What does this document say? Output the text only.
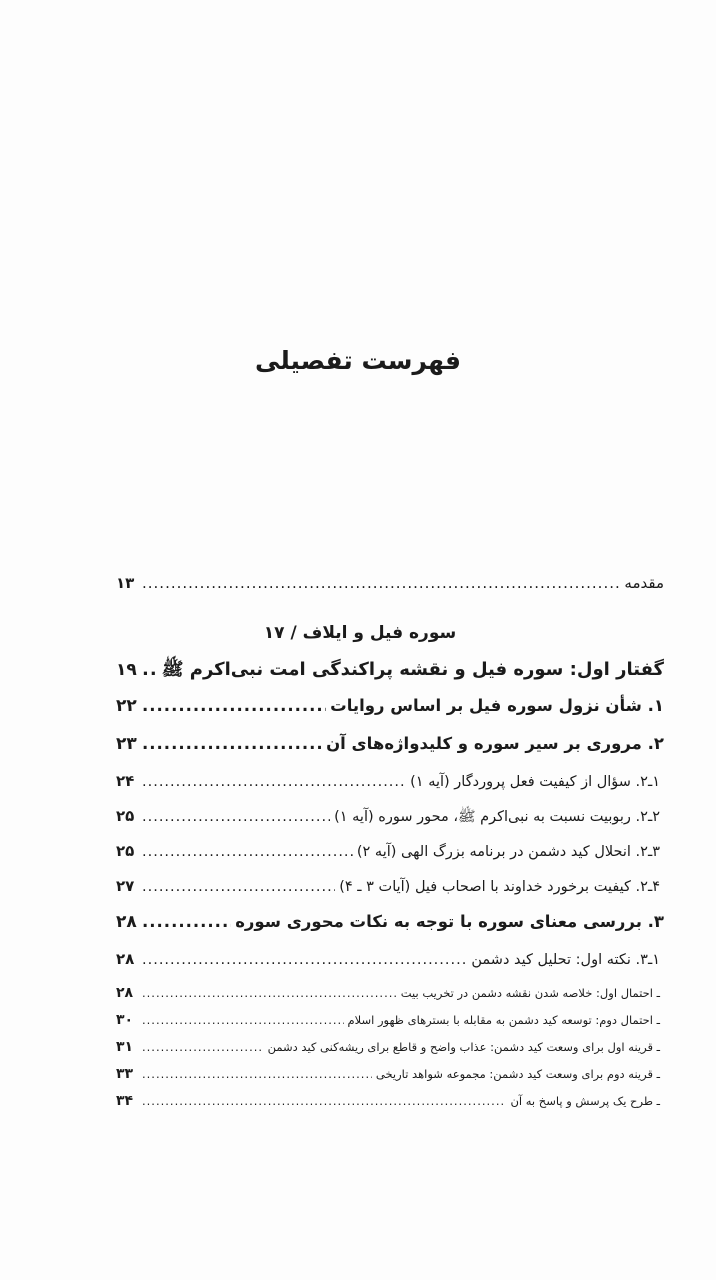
فهرست تفصیلی
مقدمه
.....
۱۳
سوره فیل و ایلاف / ۱۷
گفتار اول: سوره فیل و نقشه پراکندگی امت نبی‌اکرم ﷺ
.....
۱۹
۱. شأن نزول سوره فیل بر اساس روایات
.....
۲۲
۲. مروری بر سیر سوره و کلیدواژه‌های آن
.....
۲۳
۱ـ۲. سؤال از کیفیت فعل پروردگار (آیه ۱)
.....
۲۴
۲ـ۲. ربوبیت نسبت به نبی‌اکرم ﷺ، محور سوره (آیه ۱)
.....
۲۵
۳ـ۲. انحلال کید دشمن در برنامه بزرگ الهی (آیه ۲)
.....
۲۵
۴ـ۲. کیفیت برخورد خداوند با اصحاب فیل (آیات ۳ ـ ۴)
.....
۲۷
۳. بررسی معنای سوره با توجه به نکات محوری سوره
.....
۲۸
۱ـ۳. نکته اول: تحلیل کید دشمن
.....
۲۸
ـ احتمال اول: خلاصه شدن نقشه دشمن در تخریب بیت
.....
۲۸
ـ احتمال دوم: توسعه کید دشمن به مقابله با بسترهای ظهور اسلام
.....
۳۰
ـ قرینه اول برای وسعت کید دشمن: عذاب واضح و قاطع برای ریشه‌کنی کید دشمن
.....
۳۱
ـ قرینه دوم برای وسعت کید دشمن: مجموعه شواهد تاریخی
.....
۳۳
ـ طرح یک پرسش و پاسخ به آن
.....
۳۴
